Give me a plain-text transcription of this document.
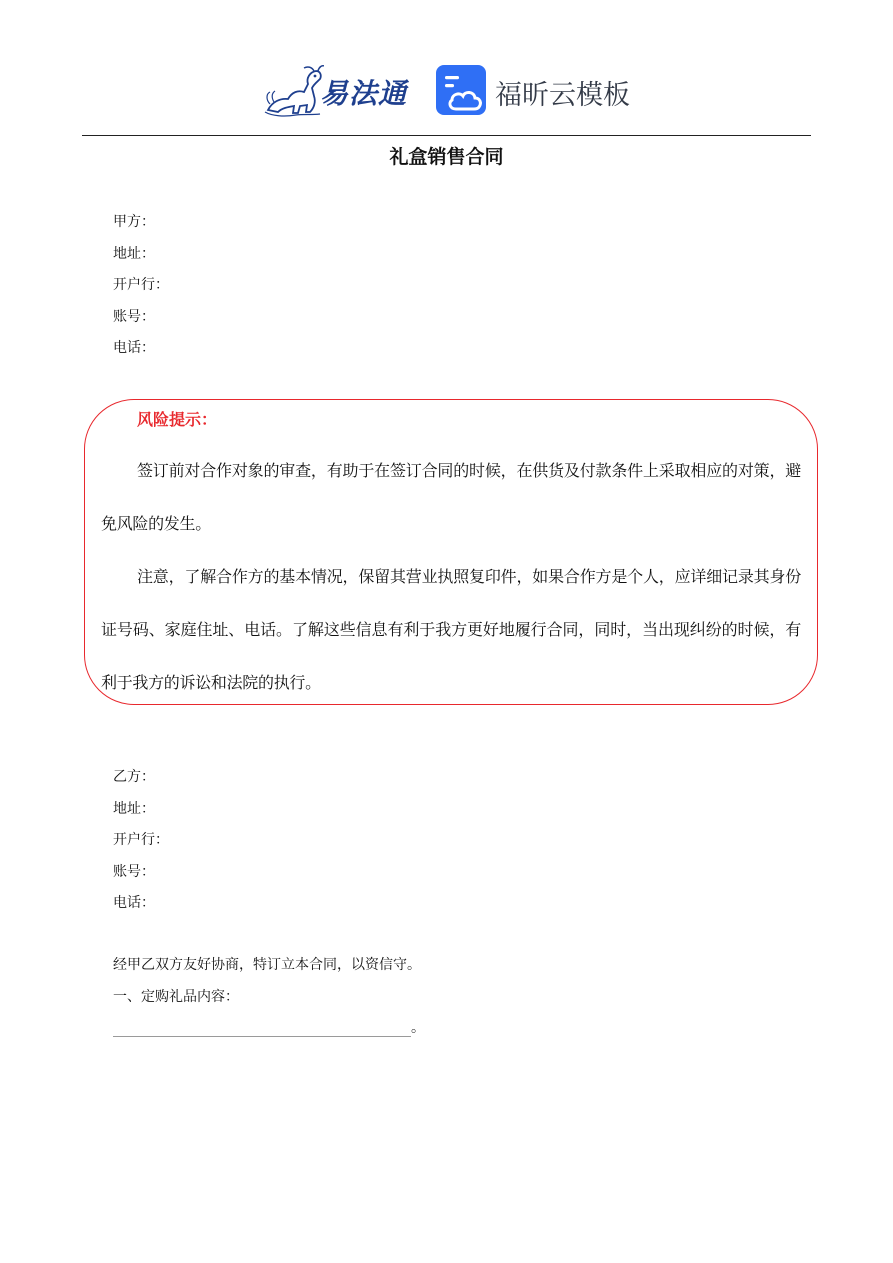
易法通	福昕云模板
礼盒销售合同
甲方：
地址：
开户行：
账号：
电话：
风险提示：
签订前对合作对象的审查，有助于在签订合同的时候，在供货及付款条件上采取相应的对策，避免风险的发生。
注意，了解合作方的基本情况，保留其营业执照复印件，如果合作方是个人，应详细记录其身份证号码、家庭住址、电话。了解这些信息有利于我方更好地履行合同，同时，当出现纠纷的时候，有利于我方的诉讼和法院的执行。
乙方：
地址：
开户行：
账号：
电话：
经甲乙双方友好协商，特订立本合同，以资信守。
一、定购礼品内容：
。
